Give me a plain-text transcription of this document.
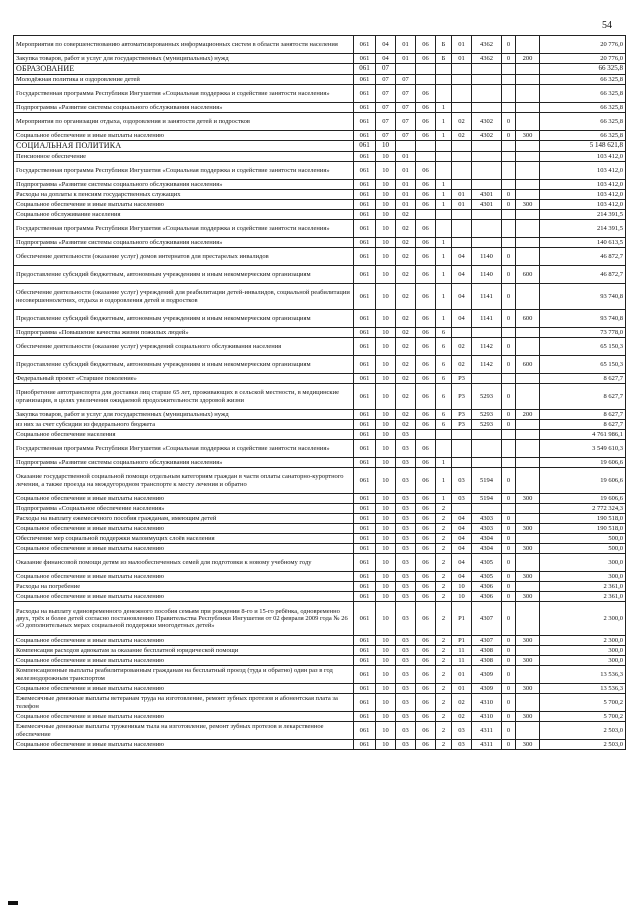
54
Мероприятия по совершенствованию автоматизированных информационных систем в области занятости населения	061	04	01	06	Б	01	4362	0		20 776,0
Закупка товаров, работ и услуг для государственных (муниципальных) нужд	061	04	01	06	Б	01	4362	0	200	20 776,0
ОБРАЗОВАНИЕ	061	07								66 325,8
Молодёжная политика и оздоровление детей	061	07	07							66 325,8
Государственная программа Республики Ингушетия «Социальная поддержка и содействие занятости населения»	061	07	07	06						66 325,8
Подпрограмма «Развитие системы социального обслуживания населения»	061	07	07	06	1					66 325,8
Мероприятия по организации отдыха, оздоровления и занятости детей и подростков	061	07	07	06	1	02	4302	0		66 325,8
Социальное обеспечение и иные выплаты населению	061	07	07	06	1	02	4302	0	300	66 325,8
СОЦИАЛЬНАЯ ПОЛИТИКА	061	10								5 148 621,8
Пенсионное обеспечение	061	10	01							103 412,0
Государственная программа Республики Ингушетия «Социальная поддержка и содействие занятости населения»	061	10	01	06						103 412,0
Подпрограмма «Развитие системы социального обслуживания населения»	061	10	01	06	1					103 412,0
Расходы на доплаты к пенсиям государственных служащих	061	10	01	06	1	01	4301	0		103 412,0
Социальное обеспечение и иные выплаты населению	061	10	01	06	1	01	4301	0	300	103 412,0
Социальное обслуживание населения	061	10	02							214 391,5
Государственная программа Республики Ингушетия «Социальная поддержка и содействие занятости населения»	061	10	02	06						214 391,5
Подпрограмма «Развитие системы социального обслуживания населения»	061	10	02	06	1					140 613,5
Обеспечение деятельности (оказание услуг) домов интернатов для престарелых инвалидов	061	10	02	06	1	04	1140	0		46 872,7
Предоставление субсидий бюджетным, автономным учреждениям и иным некоммерческим организациям	061	10	02	06	1	04	1140	0	600	46 872,7
Обеспечение деятельности (оказание услуг) учреждений для реабилитации детей-инвалидов, социальной реабилитации несовершеннолетних, отдыха и оздоровления детей и подростков	061	10	02	06	1	04	1141	0		93 740,8
Предоставление субсидий бюджетным, автономным учреждениям и иным некоммерческим организациям	061	10	02	06	1	04	1141	0	600	93 740,8
Подпрограмма «Повышение качества жизни пожилых людей»	061	10	02	06	6					73 778,0
Обеспечение деятельности (оказание услуг) учреждений социального обслуживания населения	061	10	02	06	6	02	1142	0		65 150,3
Предоставление субсидий бюджетным, автономным учреждениям и иным некоммерческим организациям	061	10	02	06	6	02	1142	0	600	65 150,3
Федеральный проект «Старшее поколение»	061	10	02	06	6	P3				8 627,7
Приобретение автотранспорта для доставки лиц старше 65 лет, проживающих в сельской местности, в медицинские организации, в целях увеличения ожидаемой продолжительности здоровой жизни	061	10	02	06	6	P3	5293	0		8 627,7
Закупка товаров, работ и услуг для государственных (муниципальных) нужд	061	10	02	06	6	P3	5293	0	200	8 627,7
из них за счет субсидии из федерального бюджета	061	10	02	06	6	P3	5293	0		8 627,7
Социальное обеспечение населения	061	10	03							4 761 986,1
Государственная программа Республики Ингушетия «Социальная поддержка и содействие занятости населения»	061	10	03	06						3 549 610,3
Подпрограмма «Развитие системы социального обслуживания населения»	061	10	03	06	1					19 606,6
Оказание государственной социальной помощи отдельным категориям граждан в части оплаты санаторно-курортного лечения, а также проезда на междугородном транспорте к месту лечения и обратно	061	10	03	06	1	03	5194	0		19 606,6
Социальное обеспечение и иные выплаты населению	061	10	03	06	1	03	5194	0	300	19 606,6
Подпрограмма «Социальное обеспечение населения»	061	10	03	06	2					2 772 324,3
Расходы на выплату ежемесячного пособия гражданам, имеющим детей	061	10	03	06	2	04	4303	0		190 518,0
Социальное обеспечение и иные выплаты населению	061	10	03	06	2	04	4303	0	300	190 518,0
Обеспечение мер социальной поддержки малоимущих слоёв населения	061	10	03	06	2	04	4304	0		500,0
Социальное обеспечение и иные выплаты населению	061	10	03	06	2	04	4304	0	300	500,0
Оказание финансовой помощи детям из малообеспеченных семей для подготовки к новому учебному году	061	10	03	06	2	04	4305	0		300,0
Социальное обеспечение и иные выплаты населению	061	10	03	06	2	04	4305	0	300	300,0
Расходы на погребение	061	10	03	06	2	10	4306	0		2 361,0
Социальное обеспечение и иные выплаты населению	061	10	03	06	2	10	4306	0	300	2 361,0
Расходы на выплату единовременного денежного пособия семьям при рождении 8-го и 15-го ребёнка, одновременно двух, трёх и более детей согласно постановлению Правительства Республики Ингушетия от 02 февраля 2009 года № 26 «О дополнительных мерах социальной поддержки многодетных детей»	061	10	03	06	2	P1	4307	0		2 300,0
Социальное обеспечение и иные выплаты населению	061	10	03	06	2	P1	4307	0	300	2 300,0
Компенсация расходов адвокатам за оказание бесплатной юридической помощи	061	10	03	06	2	11	4308	0		300,0
Социальное обеспечение и иные выплаты населению	061	10	03	06	2	11	4308	0	300	300,0
Компенсационные выплаты реабилитированным гражданам на бесплатный проезд (туда и обратно) один раз в год железнодорожным транспортом	061	10	03	06	2	01	4309	0		13 536,3
Социальное обеспечение и иные выплаты населению	061	10	03	06	2	01	4309	0	300	13 536,3
Ежемесячные денежные выплаты ветеранам труда на изготовление, ремонт зубных протезов и абонентская плата за телефон	061	10	03	06	2	02	4310	0		5 700,2
Социальное обеспечение и иные выплаты населению	061	10	03	06	2	02	4310	0	300	5 700,2
Ежемесячные денежные выплаты труженикам тыла на изготовление, ремонт зубных протезов и лекарственное обеспечение	061	10	03	06	2	03	4311	0		2 503,0
Социальное обеспечение и иные выплаты населению	061	10	03	06	2	03	4311	0	300	2 503,0
